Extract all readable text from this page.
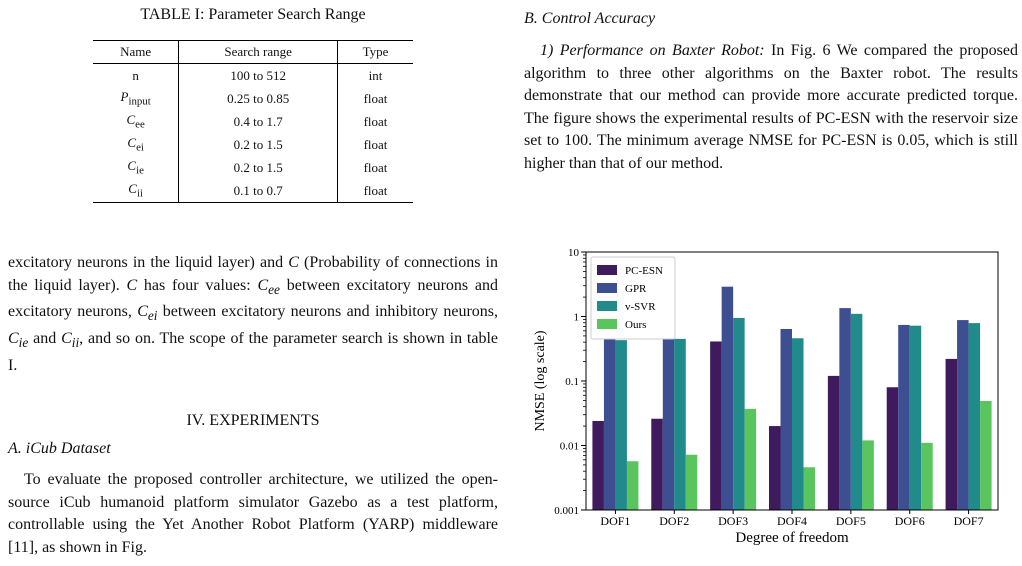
TABLE I: Parameter Search Range
Name	Search range	Type
n	100 to 512	int
$P_{input}$	0.25 to 0.85	float
$C_{ee}$	0.4 to 1.7	float
$C_{ei}$	0.2 to 1.5	float
$C_{ie}$	0.2 to 1.5	float
$C_{ii}$	0.1 to 0.7	float

excitatory neurons in the liquid layer) and C (Probability of connections in the liquid layer). C has four values: $C_{ee}$ between excitatory neurons and excitatory neurons, $C_{ei}$ between excitatory neurons and inhibitory neurons, $C_{ie}$ and $C_{ii}$, and so on. The scope of the parameter search is shown in table I.

IV. EXPERIMENTS
A. iCub Dataset
To evaluate the proposed controller architecture, we utilized the open-source iCub humanoid platform simulator Gazebo as a test platform, controllable using the Yet Another Robot Platform (YARP) middleware [11], as shown in Fig.
B. Control Accuracy

1) Performance on Baxter Robot: In Fig. 6 We compared the proposed algorithm to three other algorithms on the Baxter robot. The results demonstrate that our method can provide more accurate predicted torque. The figure shows the experimental results of PC-ESN with the reservoir size set to 100. The minimum average NMSE for PC-ESN is 0.05, which is still higher than that of our method.

0.001
0.01
0.1
1
10
DOF1 DOF2 DOF3 DOF4 DOF5 DOF6 DOF7
Degree of freedom
NMSE (log scale)
PC-ESN
GPR
v-SVR
Ours
